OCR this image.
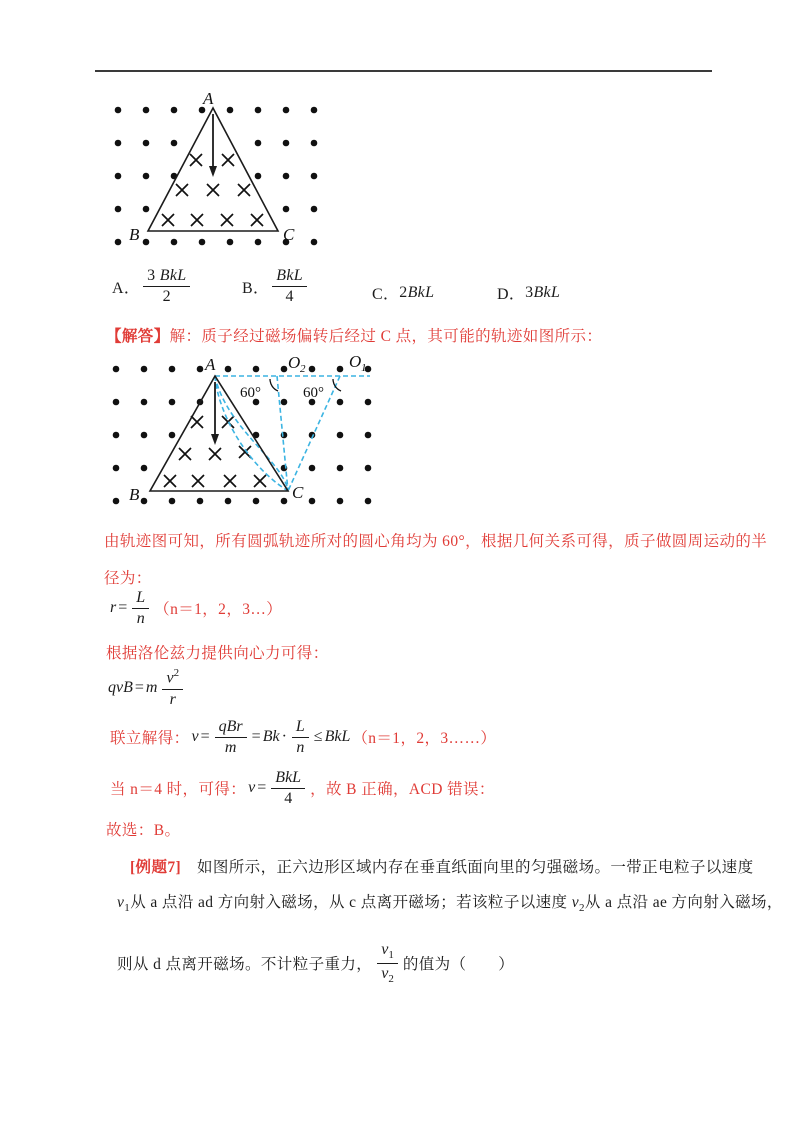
A
B	C
A． $\frac{\text{3 BkL}}{2}$	B． $\frac{\text{BkL}}{4}$	C． 2 BkL	D． 3 BkL
【解答】解：质子经过磁场偏转后经过 C 点，其可能的轨迹如图所示：
A
B	C
O 2	O 1
60°	60°
由轨迹图可知，所有圆弧轨迹所对的圆心角均为 60°，根据几何关系可得，质子做圆周运动的半
径为：
$r = \frac{L}{n} (n=1$，2，3…）
根据洛伦兹力提供向心力可得：
qvB = m $\frac{v^2}{r}$
联立解得： $v = \frac{\text{qBr}}{m} = Bk \cdot \frac{L}{n}$ ≤ BkL （n＝1，2，3……）
当 n＝4 时，可得： $v = \frac{\text{BkL}}{4}$ ，故 B 正确，ACD 错误：
故选：B。
[例题7]　如图所示，正六边形区域内存在垂直纸面向里的匀强磁场。一带正电粒子以速度
$v_1$从 a 点沿 ad 方向射入磁场，从 c 点离开磁场；若该粒子以速度 $v_2$从 a 点沿 ae 方向射入磁场，
则从 d 点离开磁场。不计粒子重力， $\frac{v_1}{v_2}$ 的值为（　　）
